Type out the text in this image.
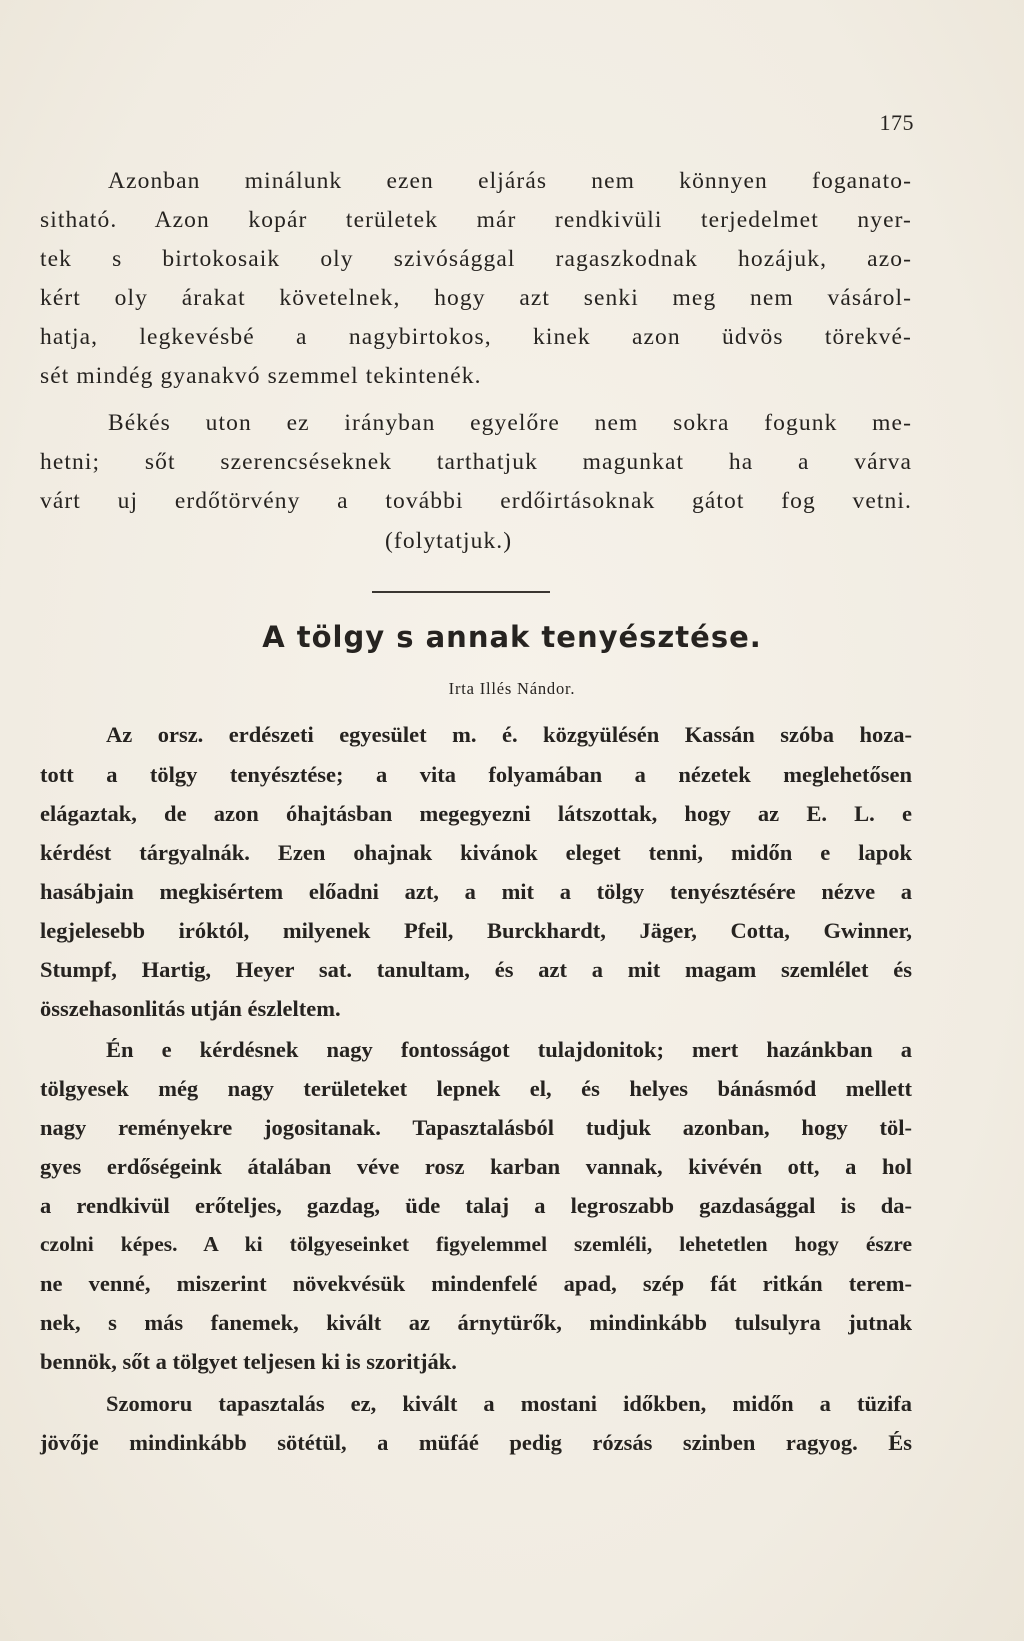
175
Azonban minálunk ezen eljárás nem könnyen foganato-
sitható. Azon kopár területek már rendkivüli terjedelmet nyer-
tek s birtokosaik oly szivósággal ragaszkodnak hozájuk, azo-
kért oly árakat követelnek, hogy azt senki meg nem vásárol-
hatja, legkevésbé a nagybirtokos, kinek azon üdvös törekvé-
sét mindég gyanakvó szemmel tekintenék.
Békés uton ez irányban egyelőre nem sokra fogunk me-
hetni; sőt szerencséseknek tarthatjuk magunkat ha a várva
várt uj erdőtörvény a további erdőirtásoknak gátot fog vetni.
(folytatjuk.)
A tölgy s annak tenyésztése.
Irta Illés Nándor.
Az orsz. erdészeti egyesület m. é. közgyülésén Kassán szóba hoza-
tott a tölgy tenyésztése; a vita folyamában a nézetek meglehetősen
elágaztak, de azon óhajtásban megegyezni látszottak, hogy az E. L. e
kérdést tárgyalnák. Ezen ohajnak kivánok eleget tenni, midőn e lapok
hasábjain megkisértem előadni azt, a mit a tölgy tenyésztésére nézve a
legjelesebb iróktól, milyenek Pfeil, Burckhardt, Jäger, Cotta, Gwinner,
Stumpf, Hartig, Heyer sat. tanultam, és azt a mit magam szemlélet és
összehasonlitás utján észleltem.
Én e kérdésnek nagy fontosságot tulajdonitok; mert hazánkban a
tölgyesek még nagy területeket lepnek el, és helyes bánásmód mellett
nagy reményekre jogositanak. Tapasztalásból tudjuk azonban, hogy töl-
gyes erdőségeink átalában véve rosz karban vannak, kivévén ott, a hol
a rendkivül erőteljes, gazdag, üde talaj a legroszabb gazdasággal is da-
czolni képes. A ki tölgyeseinket figyelemmel szemléli, lehetetlen hogy észre
ne venné, miszerint növekvésük mindenfelé apad, szép fát ritkán terem-
nek, s más fanemek, kivált az árnytürők, mindinkább tulsulyra jutnak
bennök, sőt a tölgyet teljesen ki is szoritják.
Szomoru tapasztalás ez, kivált a mostani időkben, midőn a tüzifa
jövője mindinkább sötétül, a müfáé pedig rózsás szinben ragyog. És
